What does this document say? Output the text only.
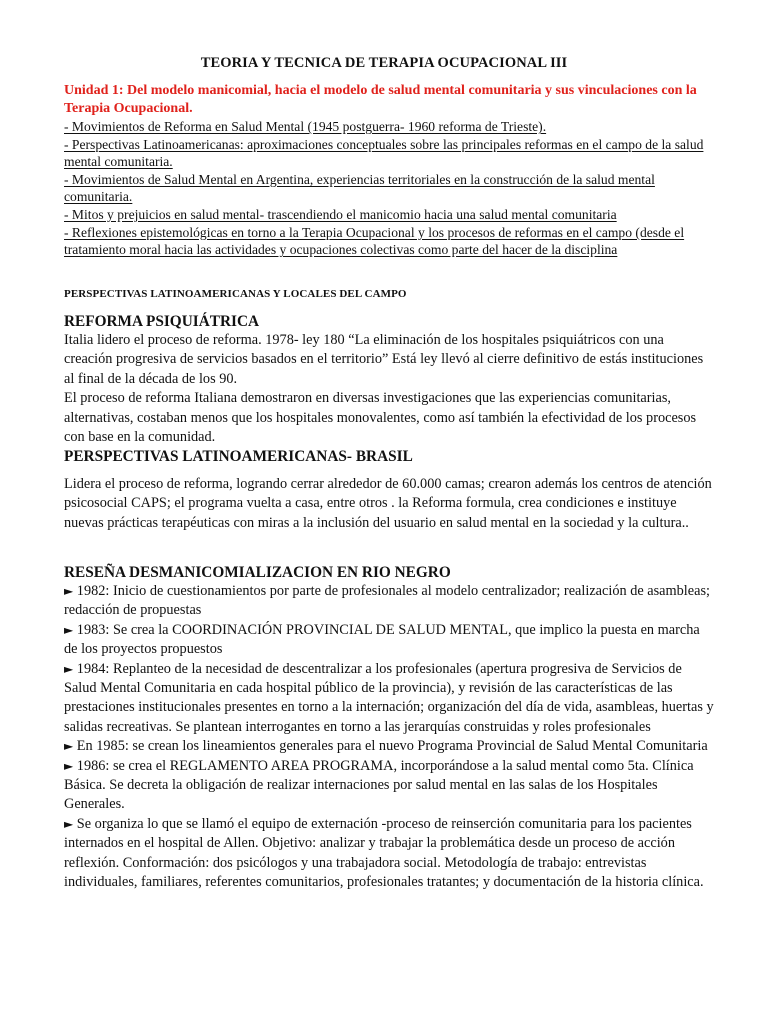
TEORIA Y TECNICA DE TERAPIA OCUPACIONAL III
Unidad 1: Del modelo manicomial, hacia el modelo de salud mental comunitaria y sus vinculaciones con la Terapia Ocupacional.
- Movimientos de Reforma en Salud Mental (1945 postguerra- 1960 reforma de Trieste).
- Perspectivas Latinoamericanas: aproximaciones conceptuales sobre las principales reformas en el campo de la salud mental comunitaria.
- Movimientos de Salud Mental en Argentina, experiencias territoriales en la construcción de la salud mental comunitaria.
- Mitos y prejuicios en salud mental- trascendiendo el manicomio hacia una salud mental comunitaria
- Reflexiones epistemológicas en torno a la Terapia Ocupacional y los procesos de reformas en el campo (desde el tratamiento moral hacia las actividades y ocupaciones colectivas como parte del hacer de la disciplina
PERSPECTIVAS LATINOAMERICANAS Y LOCALES DEL CAMPO
REFORMA PSIQUIÁTRICA
Italia lidero el proceso de reforma. 1978- ley 180 “La eliminación de los hospitales psiquiátricos con una creación progresiva de servicios basados en el territorio” Está ley llevó al cierre definitivo de estás instituciones al final de la década de los 90.
El proceso de reforma Italiana demostraron en diversas investigaciones que las experiencias comunitarias, alternativas, costaban menos que los hospitales monovalentes, como así también la efectividad de los procesos con base en la comunidad.
PERSPECTIVAS LATINOAMERICANAS- BRASIL
Lidera el proceso de reforma, logrando cerrar alrededor de 60.000 camas; crearon además los centros de atención psicosocial CAPS; el programa vuelta a casa, entre otros . la Reforma formula, crea condiciones e instituye nuevas prácticas terapéuticas con miras a la inclusión del usuario en salud mental en la sociedad y la cultura..
RESEÑA DESMANICOMIALIZACION EN RIO NEGRO
► 1982: Inicio de cuestionamientos por parte de profesionales al modelo centralizador; realización de asambleas; redacción de propuestas
► 1983: Se crea la COORDINACIÓN PROVINCIAL DE SALUD MENTAL, que implico la puesta en marcha de los proyectos propuestos
► 1984: Replanteo de la necesidad de descentralizar a los profesionales (apertura progresiva de Servicios de Salud Mental Comunitaria en cada hospital público de la provincia), y revisión de las características de las prestaciones institucionales presentes en torno a la internación; organización del día de vida, asambleas, huertas y salidas recreativas. Se plantean interrogantes en torno a las jerarquías construidas y roles profesionales
► En 1985: se crean los lineamientos generales para el nuevo Programa Provincial de Salud Mental Comunitaria
► 1986: se crea el REGLAMENTO AREA PROGRAMA, incorporándose a la salud mental como 5ta. Clínica Básica. Se decreta la obligación de realizar internaciones por salud mental en las salas de los Hospitales Generales.
► Se organiza lo que se llamó el equipo de externación -proceso de reinserción comunitaria para los pacientes internados en el hospital de Allen. Objetivo: analizar y trabajar la problemática desde un proceso de acción reflexión. Conformación: dos psicólogos y una trabajadora social. Metodología de trabajo: entrevistas individuales, familiares, referentes comunitarios, profesionales tratantes; y documentación de la historia clínica.
